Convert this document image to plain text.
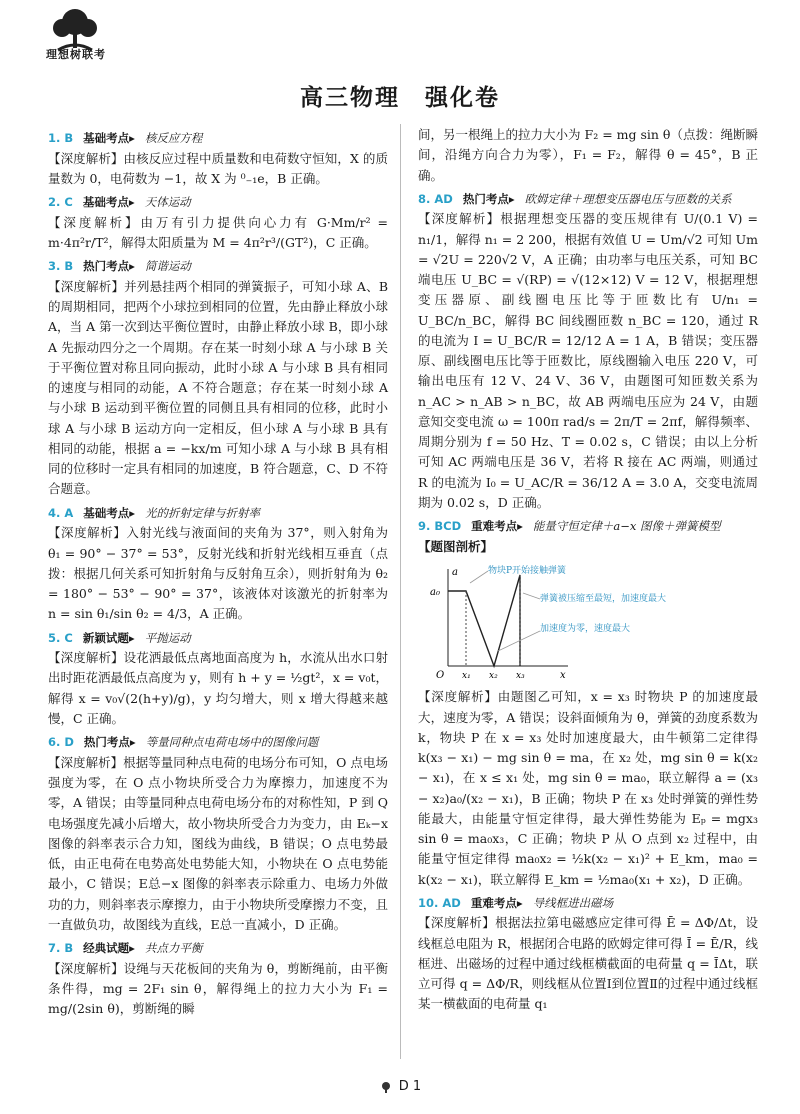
理想树联考
高三物理　强化卷
1. B 基础考点▸ 核反应方程

【深度解析】由核反应过程中质量数和电荷数守恒知，X 的质量数为 0，电荷数为 −1，故 X 为 ⁰₋₁e，B 正确。

2. C 基础考点▸ 天体运动

【深度解析】由万有引力提供向心力有 G·Mm/r² = m·4π²r/T²，解得太阳质量为 M = 4π²r³/(GT²)，C 正确。

3. B 热门考点▸ 简谐运动

【深度解析】并列悬挂两个相同的弹簧振子，可知小球 A、B 的周期相同，把两个小球拉到相同的位置，先由静止释放小球 A，当 A 第一次到达平衡位置时，由静止释放小球 B，即小球 A 先振动四分之一个周期。存在某一时刻小球 A 与小球 B 关于平衡位置对称且同向振动，此时小球 A 与小球 B 具有相同的速度与相同的动能，A 不符合题意；存在某一时刻小球 A 与小球 B 运动到平衡位置的同侧且具有相同的位移，此时小球 A 与小球 B 运动方向一定相反，但小球 A 与小球 B 具有相同的动能，根据 a = −kx/m 可知小球 A 与小球 B 具有相同的位移时一定具有相同的加速度，B 符合题意，C、D 不符合题意。

4. A 基础考点▸ 光的折射定律与折射率

【深度解析】入射光线与液面间的夹角为 37°，则入射角为 θ₁ = 90° − 37° = 53°，反射光线和折射光线相互垂直（点拨：根据几何关系可知折射角与反射角互余），则折射角为 θ₂ = 180° − 53° − 90° = 37°，该液体对该激光的折射率为 n = sin θ₁/sin θ₂ = 4/3，A 正确。

5. C 新颖试题▸ 平抛运动

【深度解析】设花洒最低点离地面高度为 h，水流从出水口射出时距花洒最低点高度为 y，则有 h + y = ½gt²，x = v₀t，解得 x = v₀√(2(h+y)/g)，y 均匀增大，则 x 增大得越来越慢，C 正确。

6. D 热门考点▸ 等量同种点电荷电场中的图像问题

【深度解析】根据等量同种点电荷的电场分布可知，O 点电场强度为零，在 O 点小物块所受合力为摩擦力，加速度不为零，A 错误；由等量同种点电荷电场分布的对称性知，P 到 Q 电场强度先减小后增大，故小物块所受合力为变力，由 Eₖ−x 图像的斜率表示合力知，图线为曲线，B 错误；O 点电势最低，由正电荷在电势高处电势能大知，小物块在 O 点电势能最小，C 错误；E总−x 图像的斜率表示除重力、电场力外做功的力，则斜率表示摩擦力，由于小物块所受摩擦力不变，且一直做负功，故图线为直线，E总一直减小，D 正确。

7. B 经典试题▸ 共点力平衡

【深度解析】设绳与天花板间的夹角为 θ，剪断绳前，由平衡条件得，mg = 2F₁ sin θ，解得绳上的拉力大小为 F₁ = mg/(2sin θ)，剪断绳的瞬

间，另一根绳上的拉力大小为 F₂ = mg sin θ（点拨：绳断瞬间，沿绳方向合力为零），F₁ = F₂，解得 θ = 45°，B 正确。

8. AD 热门考点▸ 欧姆定律＋理想变压器电压与匝数的关系

【深度解析】根据理想变压器的变压规律有 U/(0.1 V) = n₁/1，解得 n₁ = 2 200，根据有效值 U = Um/√2 可知 Um = √2U = 220√2 V，A 正确；由功率与电压关系，可知 BC 端电压 U_BC = √(RP) = √(12×12) V = 12 V，根据理想变压器原、副线圈电压比等于匝数比有 U/n₁ = U_BC/n_BC，解得 BC 间线圈匝数 n_BC = 120，通过 R 的电流为 I = U_BC/R = 12/12 A = 1 A，B 错误；变压器原、副线圈电压比等于匝数比，原线圈输入电压 220 V，可输出电压有 12 V、24 V、36 V，由题图可知匝数关系为 n_AC > n_AB > n_BC，故 AB 两端电压应为 24 V，由题意知交变电流 ω = 100π rad/s = 2π/T = 2πf，解得频率、周期分别为 f = 50 Hz、T = 0.02 s，C 错误；由以上分析可知 AC 两端电压是 36 V，若将 R 接在 AC 两端，则通过 R 的电流为 I₀ = U_AC/R = 36/12 A = 3.0 A，交变电流周期为 0.02 s，D 正确。

9. BCD 重难考点▸ 能量守恒定律＋a−x 图像＋弹簧模型

【题图剖析】

a
x
O
a₀
x₁ x₂ x₃
物块P开始接触弹簧
弹簧被压缩至最短，加速度最大
加速度为零，速度最大

【深度解析】由题图乙可知，x = x₃ 时物块 P 的加速度最大，速度为零，A 错误；设斜面倾角为 θ，弹簧的劲度系数为 k，物块 P 在 x = x₃ 处时加速度最大，由牛顿第二定律得 k(x₃ − x₁) − mg sin θ = ma，在 x₂ 处，mg sin θ = k(x₂ − x₁)，在 x ≤ x₁ 处，mg sin θ = ma₀，联立解得 a = (x₃ − x₂)a₀/(x₂ − x₁)，B 正确；物块 P 在 x₃ 处时弹簧的弹性势能最大，由能量守恒定律得，最大弹性势能为 Eₚ = mgx₃ sin θ = ma₀x₃，C 正确；物块 P 从 O 点到 x₂ 过程中，由能量守恒定律得 ma₀x₂ = ½k(x₂ − x₁)² + E_km，ma₀ = k(x₂ − x₁)，联立解得 E_km = ½ma₀(x₁ + x₂)，D 正确。

10. AD 重难考点▸ 导线框进出磁场

【深度解析】根据法拉第电磁感应定律可得 Ē = ΔΦ/Δt，设线框总电阻为 R，根据闭合电路的欧姆定律可得 Ī = Ē/R，线框进、出磁场的过程中通过线框横截面的电荷量 q = ĪΔt，联立可得 q = ΔΦ/R，则线框从位置Ⅰ到位置Ⅱ的过程中通过线框某一横截面的电荷量 q₁

D 1
